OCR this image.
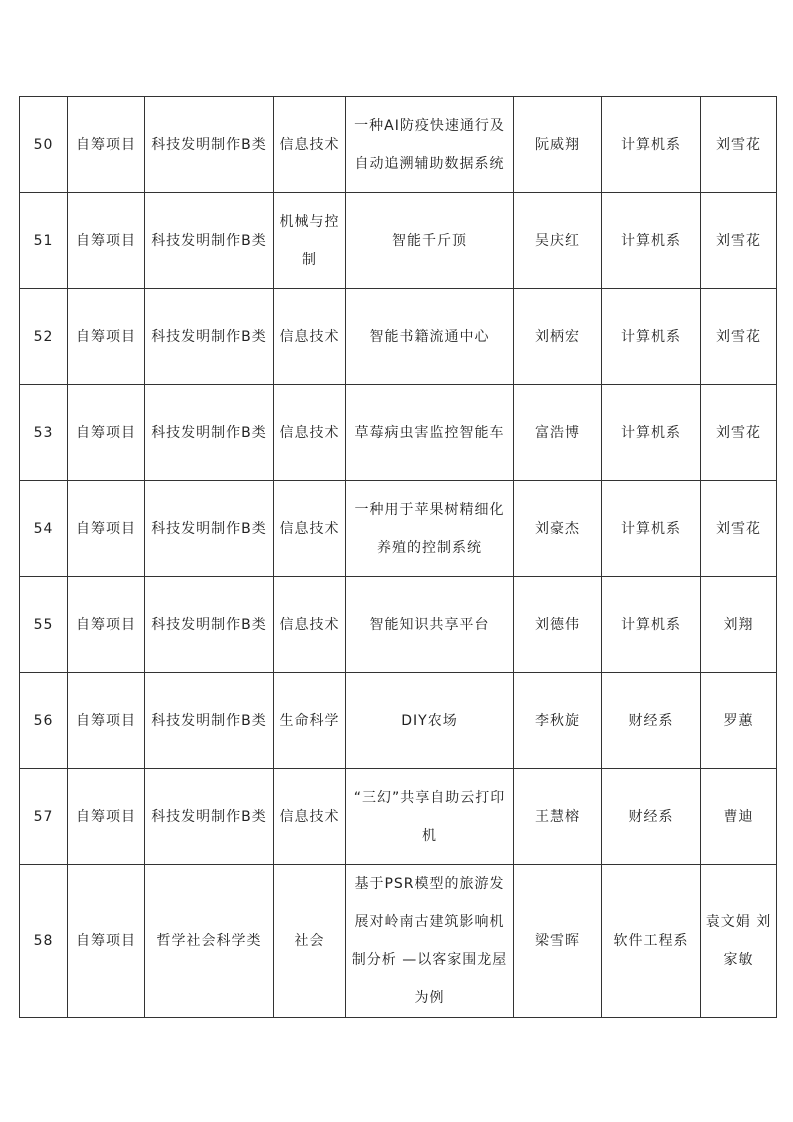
50	自筹项目	科技发明制作B类	信息技术	一种AI防疫快速通行及自动追溯辅助数据系统	阮威翔	计算机系	刘雪花
51	自筹项目	科技发明制作B类	机械与控制	智能千斤顶	吴庆红	计算机系	刘雪花
52	自筹项目	科技发明制作B类	信息技术	智能书籍流通中心	刘柄宏	计算机系	刘雪花
53	自筹项目	科技发明制作B类	信息技术	草莓病虫害监控智能车	富浩博	计算机系	刘雪花
54	自筹项目	科技发明制作B类	信息技术	一种用于苹果树精细化养殖的控制系统	刘豪杰	计算机系	刘雪花
55	自筹项目	科技发明制作B类	信息技术	智能知识共享平台	刘德伟	计算机系	刘翔
56	自筹项目	科技发明制作B类	生命科学	DIY农场	李秋旋	财经系	罗蕙
57	自筹项目	科技发明制作B类	信息技术	“三幻”共享自助云打印机	王慧榕	财经系	曹迪
58	自筹项目	哲学社会科学类	社会	基于PSR模型的旅游发展对岭南古建筑影响机制分析 —以客家围龙屋为例	梁雪晖	软件工程系	袁文娟 刘家敏
